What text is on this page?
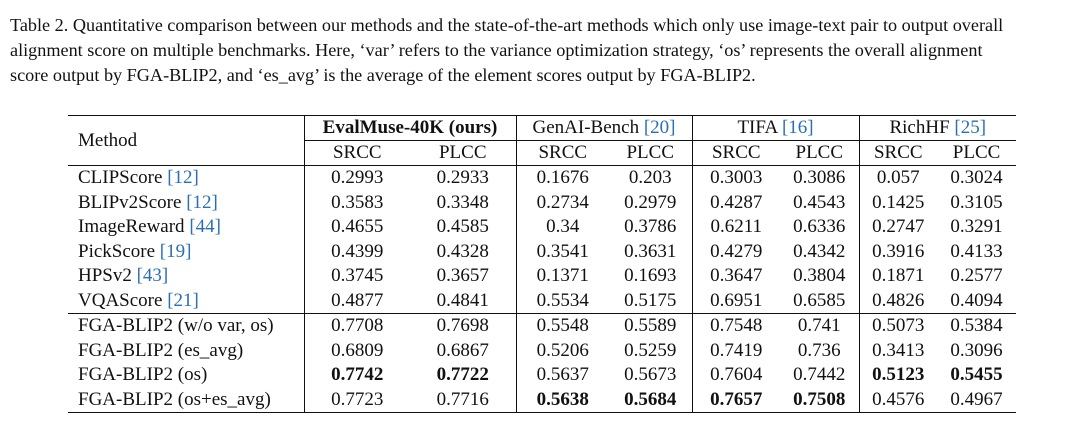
Table 2. Quantitative comparison between our methods and the state-of-the-art methods which only use image-text pair to output overall
alignment score on multiple benchmarks. Here, ‘var’ refers to the variance optimization strategy, ‘os’ represents the overall alignment
score output by FGA-BLIP2, and ‘es_avg’ is the average of the element scores output by FGA-BLIP2.
Method	EvalMuse-40K (ours)		GenAI-Bench [20]		TIFA [16]		RichHF [25]	
	SRCC	PLCC	SRCC	PLCC	SRCC	PLCC	SRCC	PLCC
CLIPScore [12]	0.2993	0.2933	0.1676	0.203	0.3003	0.3086	0.057	0.3024
BLIPv2Score [12]	0.3583	0.3348	0.2734	0.2979	0.4287	0.4543	0.1425	0.3105
ImageReward [44]	0.4655	0.4585	0.34	0.3786	0.6211	0.6336	0.2747	0.3291
PickScore [19]	0.4399	0.4328	0.3541	0.3631	0.4279	0.4342	0.3916	0.4133
HPSv2 [43]	0.3745	0.3657	0.1371	0.1693	0.3647	0.3804	0.1871	0.2577
VQAScore [21]	0.4877	0.4841	0.5534	0.5175	0.6951	0.6585	0.4826	0.4094
FGA-BLIP2 (w/o var, os)	0.7708	0.7698	0.5548	0.5589	0.7548	0.741	0.5073	0.5384
FGA-BLIP2 (es_avg)	0.6809	0.6867	0.5206	0.5259	0.7419	0.736	0.3413	0.3096
FGA-BLIP2 (os)	0.7742	0.7722	0.5637	0.5673	0.7604	0.7442	0.5123	0.5455
FGA-BLIP2 (os+es_avg)	0.7723	0.7716	0.5638	0.5684	0.7657	0.7508	0.4576	0.4967
